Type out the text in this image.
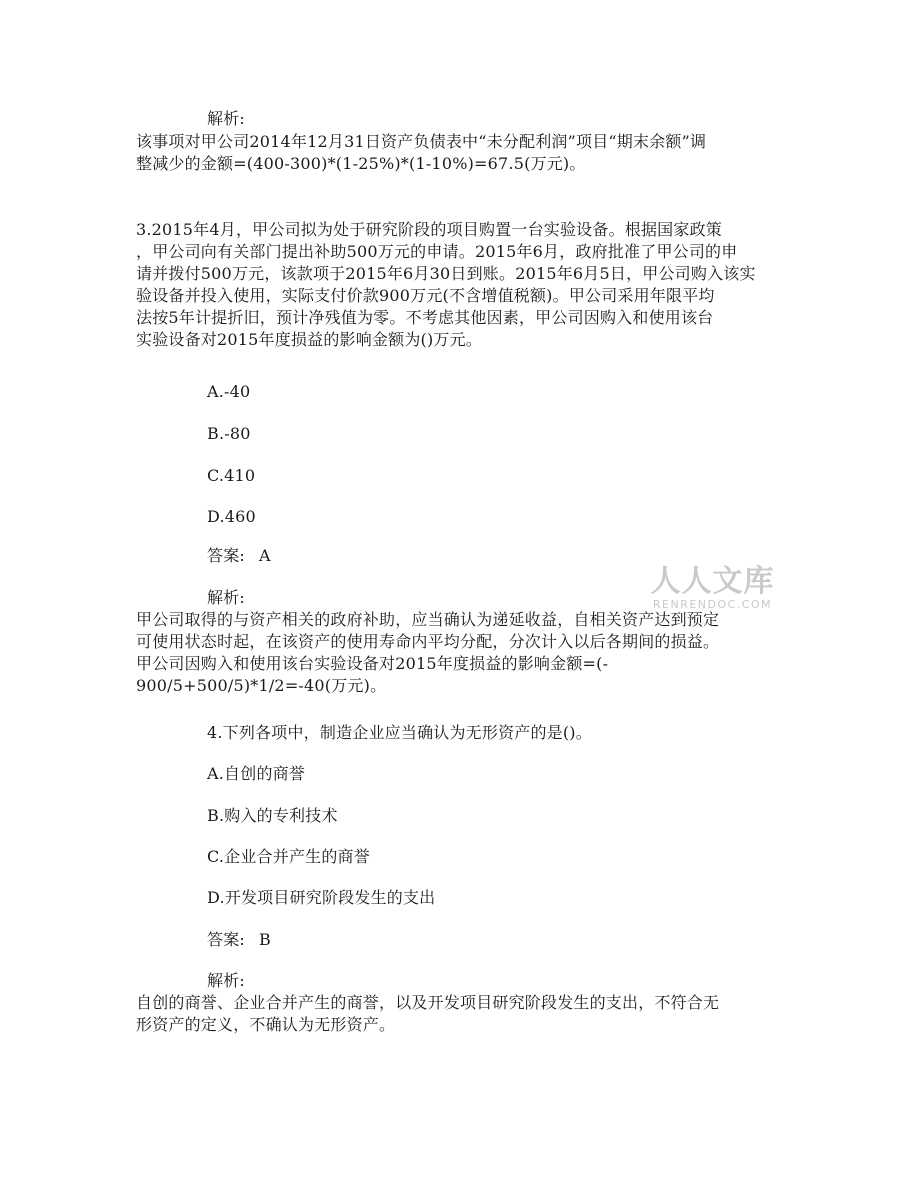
解析:
该事项对甲公司2014年12月31日资产负债表中“未分配利润”项目“期末余额”调
整减少的金额=(400-300)*(1-25%)*(1-10%)=67.5(万元)。
3.2015年4月，甲公司拟为处于研究阶段的项目购置一台实验设备。根据国家政策
，甲公司向有关部门提出补助500万元的申请。2015年6月，政府批准了甲公司的申
请并拨付500万元，该款项于2015年6月30日到账。2015年6月5日，甲公司购入该实
验设备并投入使用，实际支付价款900万元(不含增值税额)。甲公司采用年限平均
法按5年计提折旧，预计净残值为零。不考虑其他因素，甲公司因购入和使用该台
实验设备对2015年度损益的影响金额为()万元。
A.-40
B.-80
C.410
D.460
答案: A
解析:
甲公司取得的与资产相关的政府补助，应当确认为递延收益，自相关资产达到预定
可使用状态时起，在该资产的使用寿命内平均分配，分次计入以后各期间的损益。
甲公司因购入和使用该台实验设备对2015年度损益的影响金额=(-
900/5+500/5)*1/2=-40(万元)。
4.下列各项中，制造企业应当确认为无形资产的是()。
A.自创的商誉
B.购入的专利技术
C.企业合并产生的商誉
D.开发项目研究阶段发生的支出
答案: B
解析:
自创的商誉、企业合并产生的商誉，以及开发项目研究阶段发生的支出，不符合无
形资产的定义，不确认为无形资产。
人人文库
RENRENDOC.COM
